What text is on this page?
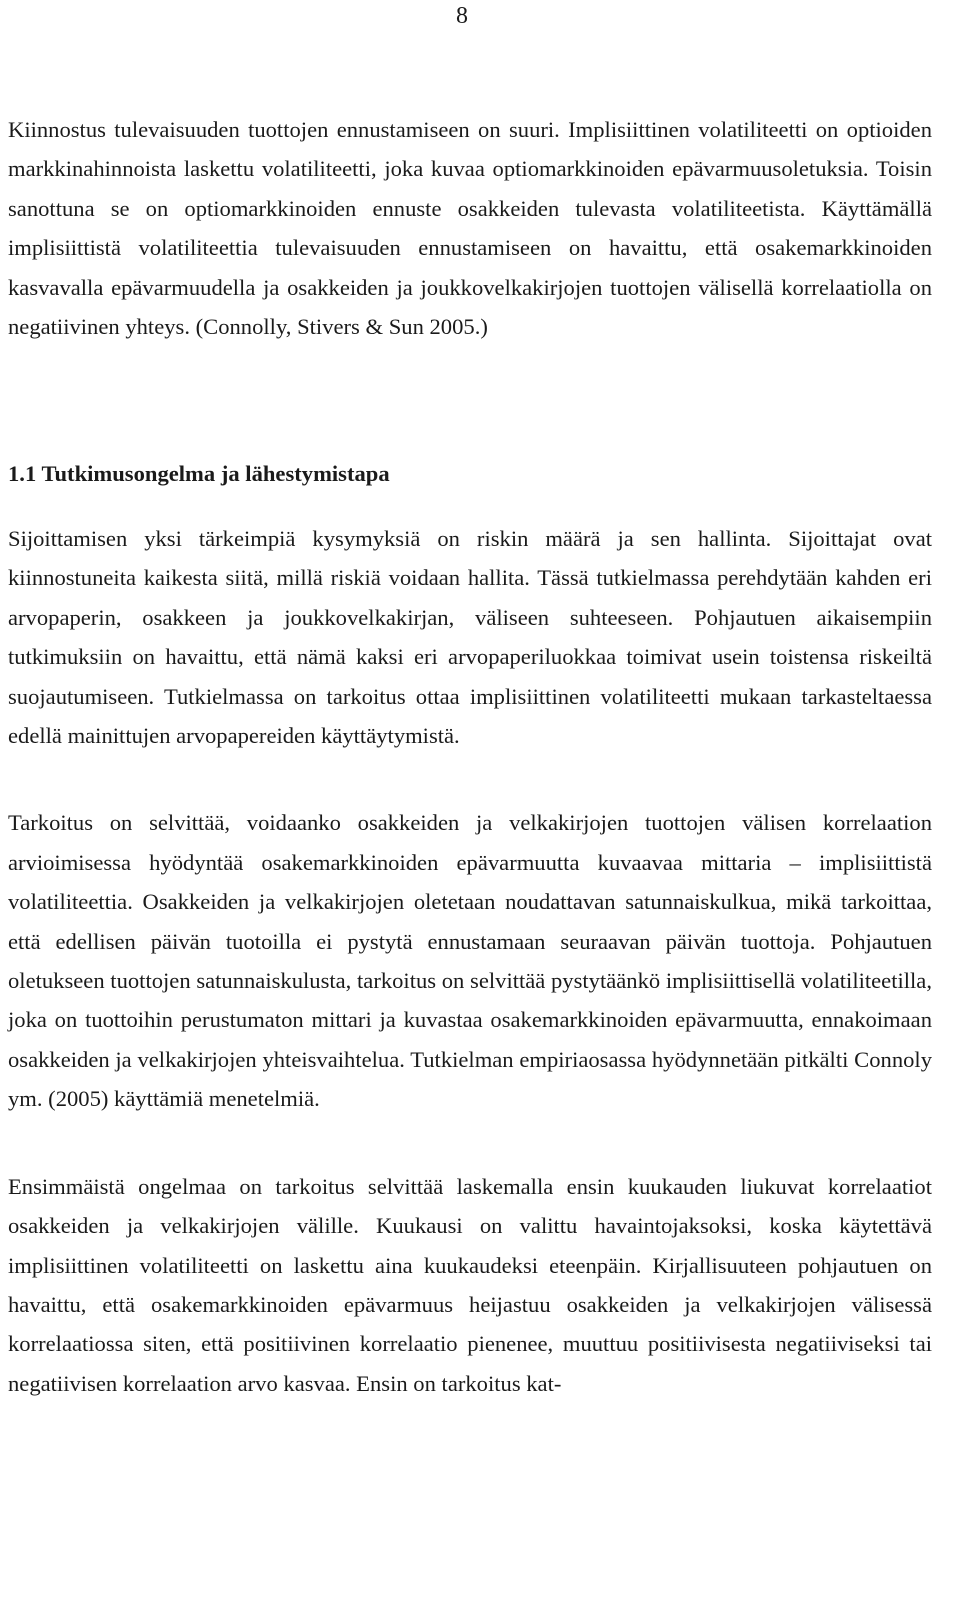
8

Kiinnostus tulevaisuuden tuottojen ennustamiseen on suuri. Implisiittinen volatiliteetti on optioiden markkinahinnoista laskettu volatiliteetti, joka kuvaa optiomarkkinoiden epävarmuusoletuksia. Toisin sanottuna se on optiomarkkinoiden ennuste osakkeiden tulevasta volatiliteetista. Käyttämällä implisiittistä volatiliteettia tulevaisuuden ennustamiseen on havaittu, että osakemarkkinoiden kasvavalla epävarmuudella ja osakkeiden ja joukkovelkakirjojen tuottojen välisellä korrelaatiolla on negatiivinen yhteys. (Connolly, Stivers & Sun 2005.)

1.1 Tutkimusongelma ja lähestymistapa

Sijoittamisen yksi tärkeimpiä kysymyksiä on riskin määrä ja sen hallinta. Sijoittajat ovat kiinnostuneita kaikesta siitä, millä riskiä voidaan hallita. Tässä tutkielmassa perehdytään kahden eri arvopaperin, osakkeen ja joukkovelkakirjan, väliseen suhteeseen. Pohjautuen aikaisempiin tutkimuksiin on havaittu, että nämä kaksi eri arvopaperiluokkaa toimivat usein toistensa riskeiltä suojautumiseen. Tutkielmassa on tarkoitus ottaa implisiittinen volatiliteetti mukaan tarkasteltaessa edellä mainittujen arvopapereiden käyttäytymistä.

Tarkoitus on selvittää, voidaanko osakkeiden ja velkakirjojen tuottojen välisen korrelaation arvioimisessa hyödyntää osakemarkkinoiden epävarmuutta kuvaavaa mittaria – implisiittistä volatiliteettia. Osakkeiden ja velkakirjojen oletetaan noudattavan satunnaiskulkua, mikä tarkoittaa, että edellisen päivän tuotoilla ei pystytä ennustamaan seuraavan päivän tuottoja. Pohjautuen oletukseen tuottojen satunnaiskulusta, tarkoitus on selvittää pystytäänkö implisiittisellä volatiliteetilla, joka on tuottoihin perustumaton mittari ja kuvastaa osakemarkkinoiden epävarmuutta, ennakoimaan osakkeiden ja velkakirjojen yhteisvaihtelua. Tutkielman empiriaosassa hyödynnetään pitkälti Connoly ym. (2005) käyttämiä menetelmiä.

Ensimmäistä ongelmaa on tarkoitus selvittää laskemalla ensin kuukauden liukuvat korrelaatiot osakkeiden ja velkakirjojen välille. Kuukausi on valittu havaintojaksoksi, koska käytettävä implisiittinen volatiliteetti on laskettu aina kuukaudeksi eteenpäin. Kirjallisuuteen pohjautuen on havaittu, että osakemarkkinoiden epävarmuus heijastuu osakkeiden ja velkakirjojen välisessä korrelaatiossa siten, että positiivinen korrelaatio pienenee, muuttuu positiivisesta negatiiviseksi tai negatiivisen korrelaation arvo kasvaa. Ensin on tarkoitus kat-
